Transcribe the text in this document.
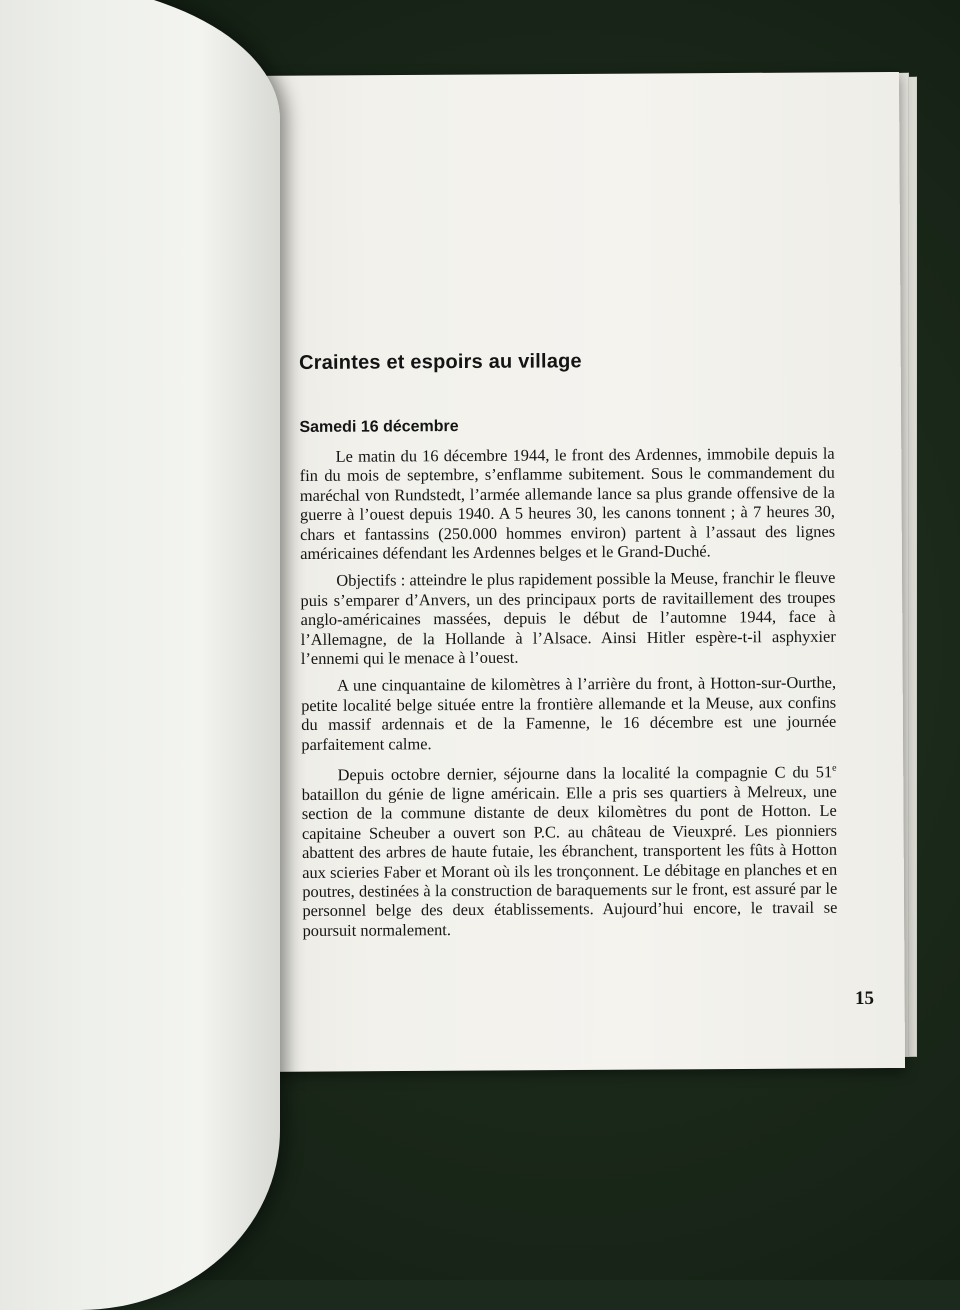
Craintes et espoirs au village
Samedi 16 décembre

Le matin du 16 décembre 1944, le front des Ardennes, immobile depuis la fin du mois de septembre, s’enflamme subitement. Sous le commandement du maréchal von Rundstedt, l’armée allemande lance sa plus grande offensive de la guerre à l’ouest depuis 1940. A 5 heures 30, les canons tonnent ; à 7 heures 30, chars et fantassins (250.000 hommes environ) partent à l’assaut des lignes américaines défendant les Ardennes belges et le Grand-Duché.

Objectifs : atteindre le plus rapidement possible la Meuse, franchir le fleuve puis s’emparer d’Anvers, un des principaux ports de ravitaillement des troupes anglo-américaines massées, depuis le début de l’automne 1944, face à l’Allemagne, de la Hollande à l’Alsace. Ainsi Hitler espère-t-il asphyxier l’ennemi qui le menace à l’ouest.

A une cinquantaine de kilomètres à l’arrière du front, à Hotton-sur-Ourthe, petite localité belge située entre la frontière allemande et la Meuse, aux confins du massif ardennais et de la Famenne, le 16 décembre est une journée parfaitement calme.

Depuis octobre dernier, séjourne dans la localité la compagnie C du 51e bataillon du génie de ligne américain. Elle a pris ses quartiers à Melreux, une section de la commune distante de deux kilomètres du pont de Hotton. Le capitaine Scheuber a ouvert son P.C. au château de Vieuxpré. Les pionniers abattent des arbres de haute futaie, les ébranchent, transportent les fûts à Hotton aux scieries Faber et Morant où ils les tronçonnent. Le débitage en planches et en poutres, destinées à la construction de baraquements sur le front, est assuré par le personnel belge des deux établissements. Aujourd’hui encore, le travail se poursuit normalement.

15
